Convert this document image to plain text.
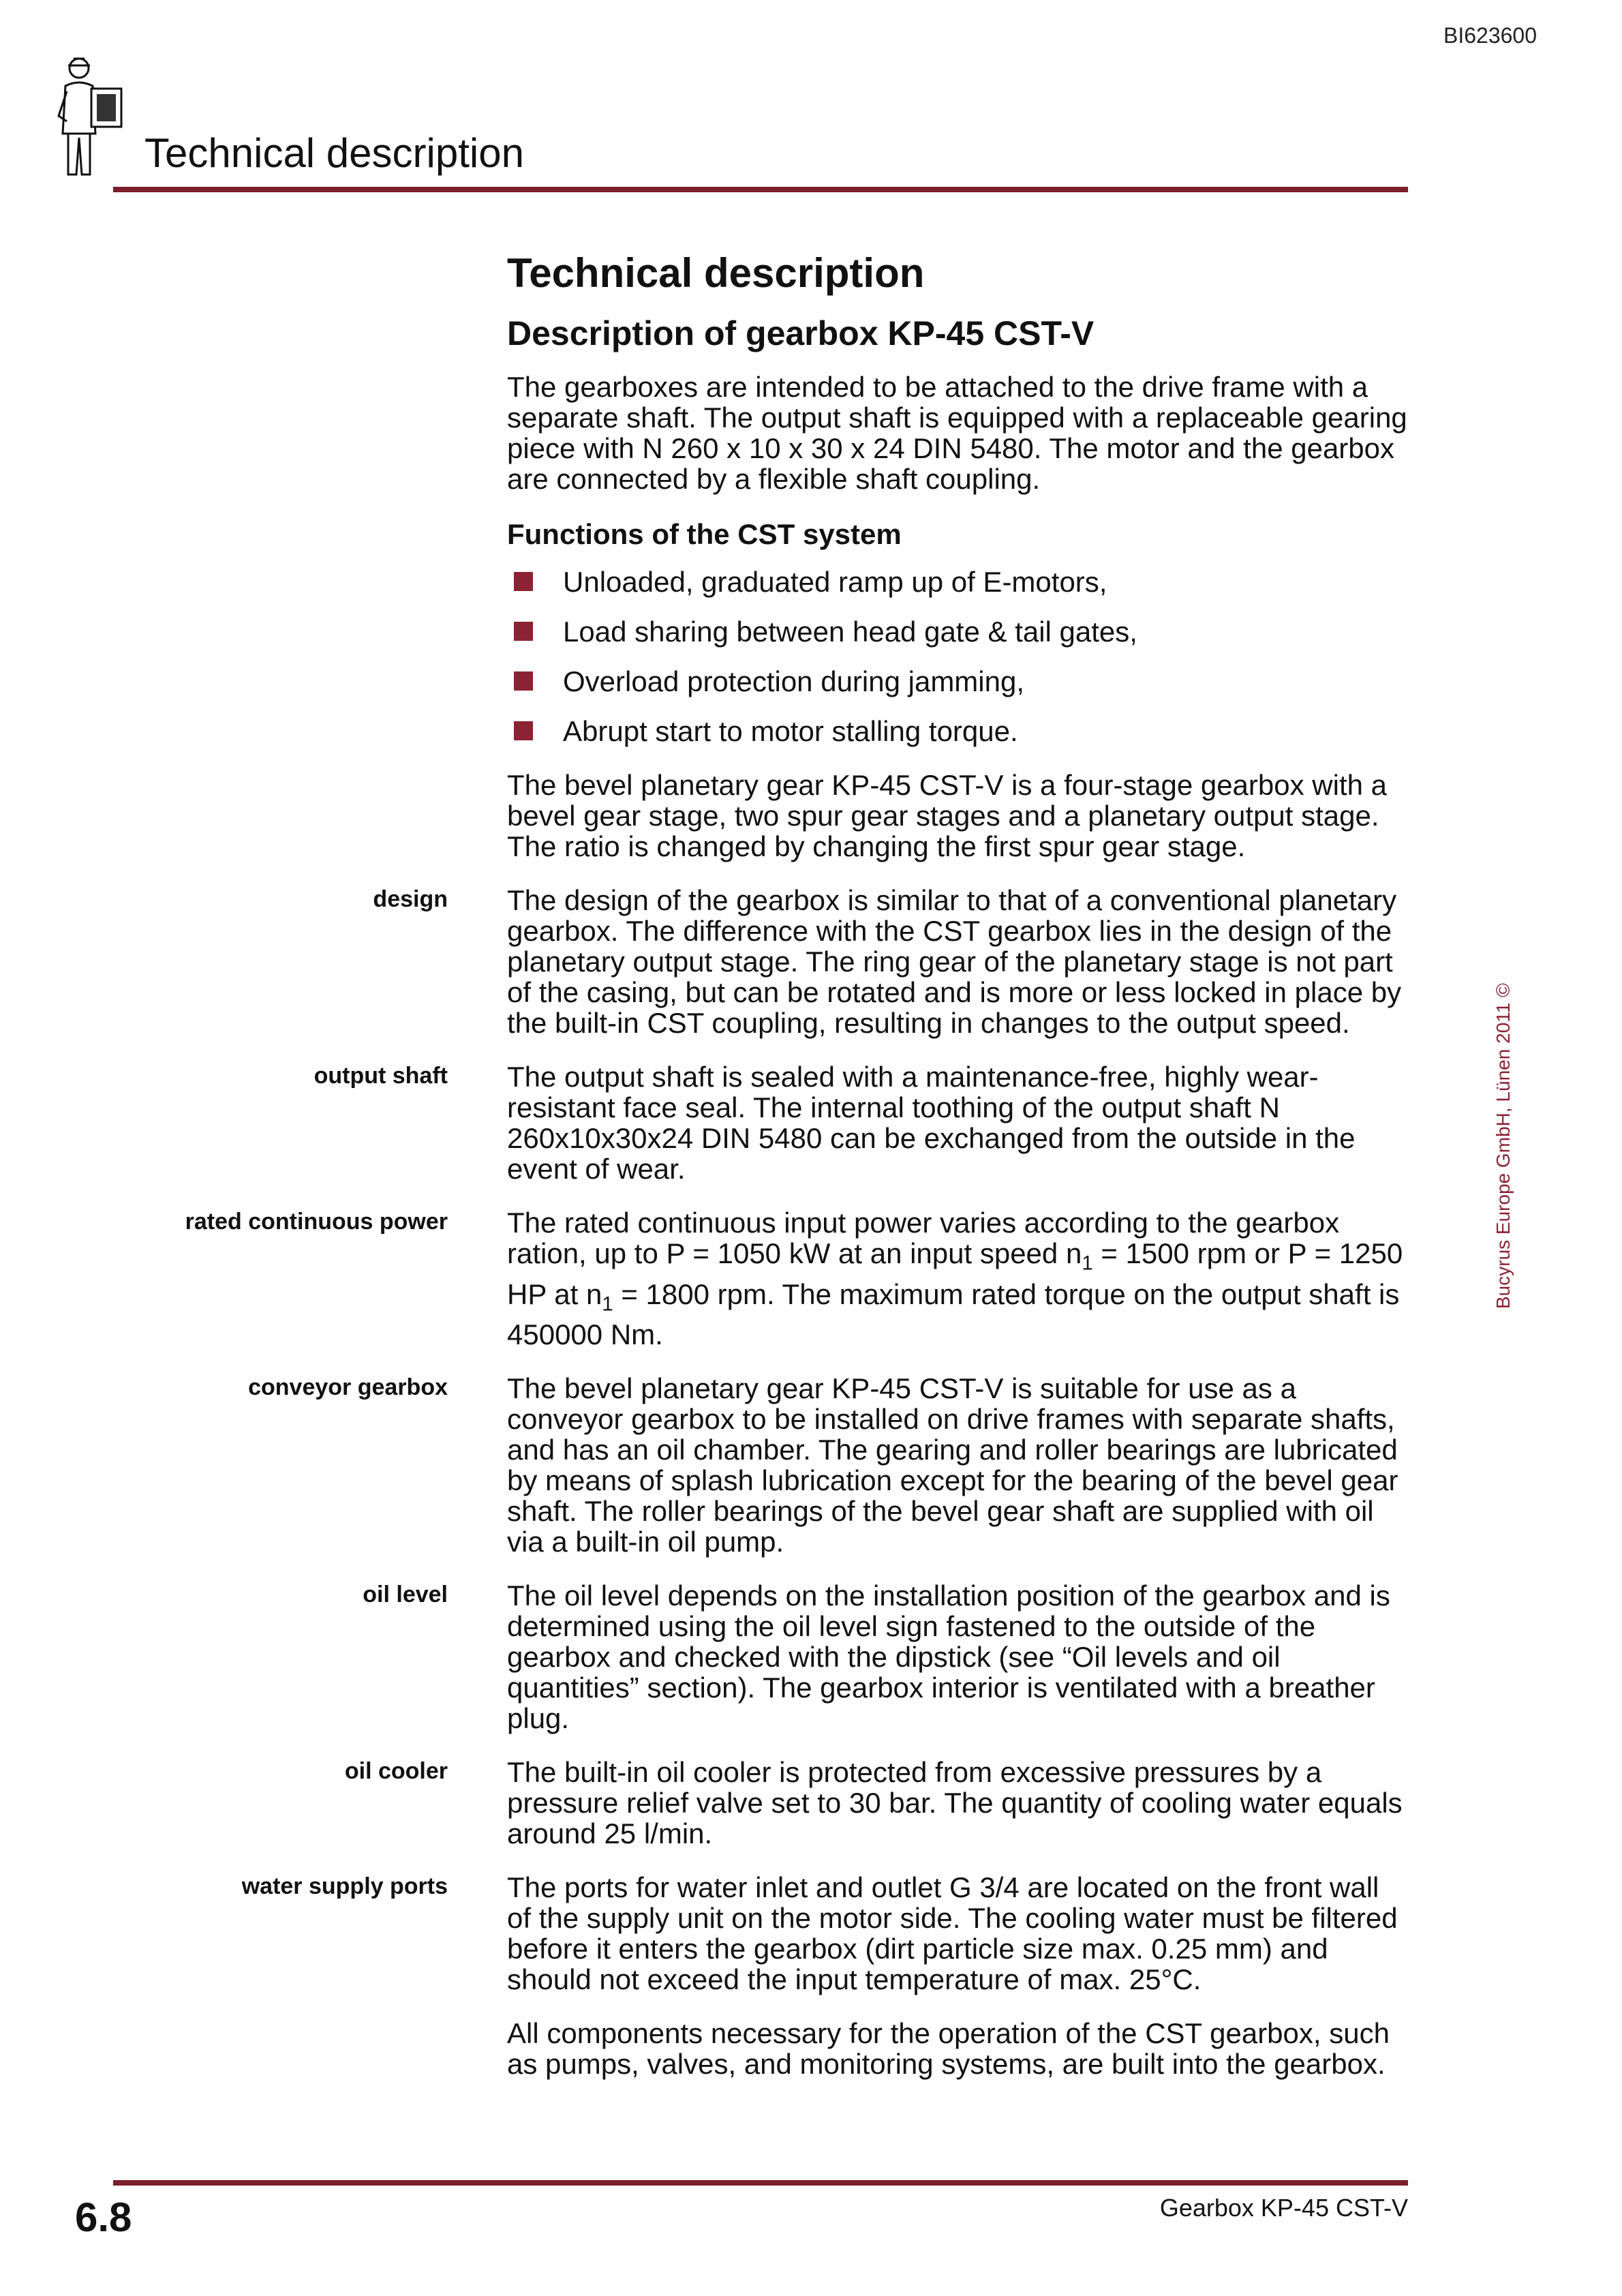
BI623600
Technical description
Technical description
Description of gearbox KP-45 CST-V

The gearboxes are intended to be attached to the drive frame with a separate shaft. The output shaft is equipped with a replaceable gearing piece with N 260 x 10 x 30 x 24 DIN 5480. The motor and the gearbox are connected by a flexible shaft coupling.

Functions of the CST system
Unloaded, graduated ramp up of E-motors,
Load sharing between head gate & tail gates,
Overload protection during jamming,
Abrupt start to motor stalling torque.

The bevel planetary gear KP-45 CST-V is a four-stage gearbox with a bevel gear stage, two spur gear stages and a planetary output stage. The ratio is changed by changing the first spur gear stage.

design The design of the gearbox is similar to that of a conventional planetary gearbox. The difference with the CST gearbox lies in the design of the planetary output stage. The ring gear of the planetary stage is not part of the casing, but can be rotated and is more or less locked in place by the built-in CST coupling, resulting in changes to the output speed.

output shaft The output shaft is sealed with a maintenance-free, highly wear-resistant face seal. The internal toothing of the output shaft N 260x10x30x24 DIN 5480 can be exchanged from the outside in the event of wear.

rated continuous power The rated continuous input power varies according to the gearbox ration, up to P = 1050 kW at an input speed $n_1 = 1500$ rpm or P = 1250 HP at $n_1 = 1800$ rpm. The maximum rated torque on the output shaft is 450000 Nm.

conveyor gearbox The bevel planetary gear KP-45 CST-V is suitable for use as a conveyor gearbox to be installed on drive frames with separate shafts, and has an oil chamber. The gearing and roller bearings are lubricated by means of splash lubrication except for the bearing of the bevel gear shaft. The roller bearings of the bevel gear shaft are supplied with oil via a built-in oil pump.

oil level The oil level depends on the installation position of the gearbox and is determined using the oil level sign fastened to the outside of the gearbox and checked with the dipstick (see “Oil levels and oil quantities” section). The gearbox interior is ventilated with a breather plug.

oil cooler The built-in oil cooler is protected from excessive pressures by a pressure relief valve set to 30 bar. The quantity of cooling water equals around 25 l/min.

water supply ports The ports for water inlet and outlet G 3/4 are located on the front wall of the supply unit on the motor side. The cooling water must be filtered before it enters the gearbox (dirt particle size max. 0.25 mm) and should not exceed the input temperature of max. 25°C.

All components necessary for the operation of the CST gearbox, such as pumps, valves, and monitoring systems, are built into the gearbox.

Bucyrus Europe GmbH, Lünen 2011 ©
6.8	Gearbox KP-45 CST-V
